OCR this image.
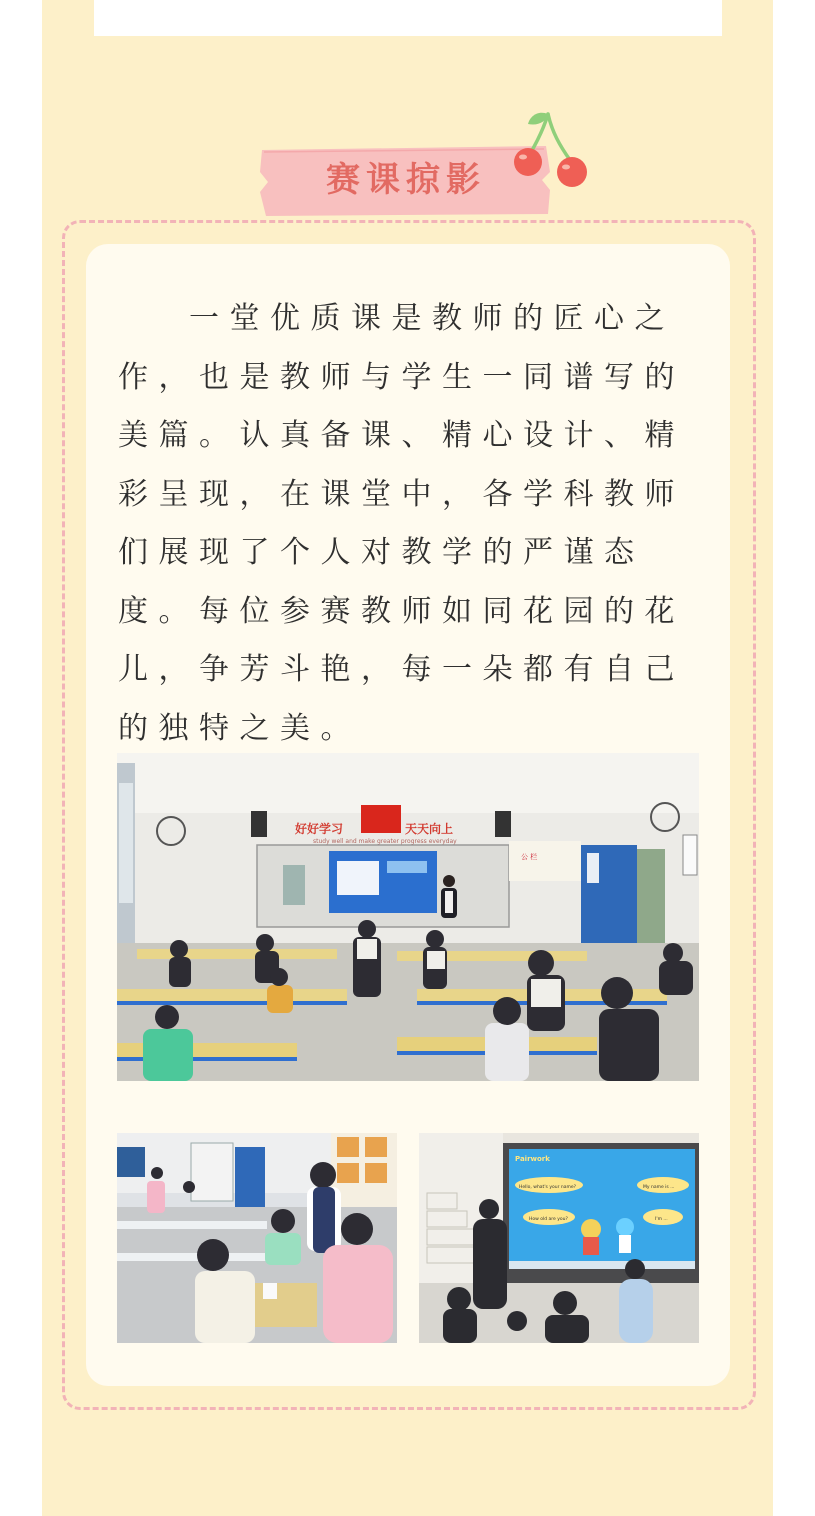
赛课掠影

一堂优质课是教师的匠心之作，也是教师与学生一同谱写的美篇。认真备课、精心设计、精彩呈现，在课堂中，各学科教师们展现了个人对教学的严谨态度。每位参赛教师如同花园的花儿，争芳斗艳，每一朵都有自己的独特之美。

好好学习	天天向上
study well and make greater progress everyday
公 栏
Pairwork
Hello, what's your name?	My name is ...
How old are you?	I'm ...
